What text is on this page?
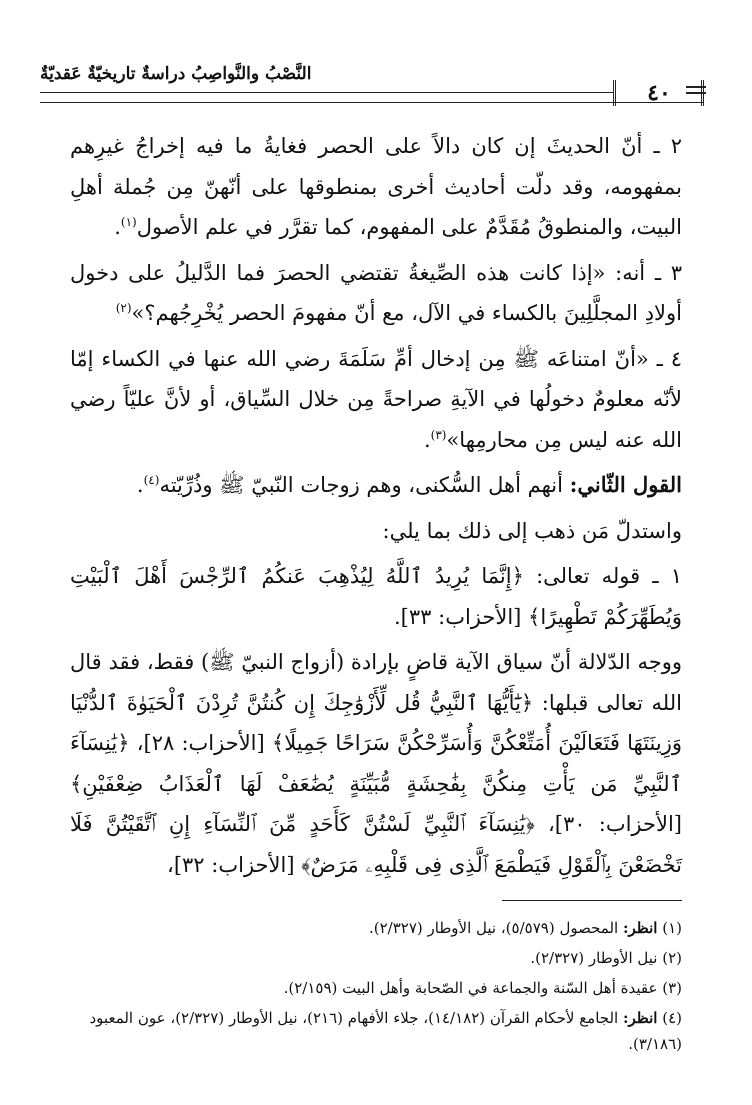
٤٠
النَّصْبُ والنَّواصِبُ دراسةٌ تاريخيّةٌ عَقديّةٌ

٢ ـ أنّ الحديثَ إن كان دالاً على الحصر فغايةُ ما فيه إخراجُ غيرِهم بمفهومه، وقد دلّت أحاديث أخرى بمنطوقها على أنّهنّ مِن جُملة أهلِ البيت، والمنطوقُ مُقَدَّمٌ على المفهوم، كما تقرَّر في علم الأصول$^{(١)}$.

٣ ـ أنه: «إذا كانت هذه الصِّيغةُ تقتضي الحصرَ فما الدَّليلُ على دخول أولادِ المجلَّلِينَ بالكساء في الآل، مع أنّ مفهومَ الحصر يُخْرِجُهم؟»$^{(٢)}$

٤ ـ «أنّ امتناعَه ﷺ مِن إدخال أمِّ سَلَمَةَ رضي الله عنها في الكساء إمّا لأنّه معلومٌ دخولُها في الآيةِ صراحةً مِن خلال السِّياق، أو لأنَّ عليّاً رضي الله عنه ليس مِن محارمِها»$^{(٣)}$.

القول الثّاني: أنهم أهل السُّكنى، وهم زوجات النّبيّ ﷺ وذُرِّيّته$^{(٤)}$.

واستدلّ مَن ذهب إلى ذلك بما يلي:

١ ـ قوله تعالى: ﴿إِنَّمَا يُرِيدُ ٱللَّهُ لِيُذْهِبَ عَنكُمُ ٱلرِّجْسَ أَهْلَ ٱلْبَيْتِ وَيُطَهِّرَكُمْ تَطْهِيرًا﴾ [الأحزاب: ٣٣].

ووجه الدّلالة أنّ سياق الآية قاضٍ بإرادة (أزواج النبيّ ﷺ) فقط، فقد قال الله تعالى قبلها: ﴿يَٰٓأَيُّهَا ٱلنَّبِيُّ قُل لِّأَزْوَٰجِكَ إِن كُنتُنَّ تُرِدْنَ ٱلْحَيَوٰةَ ٱلدُّنْيَا وَزِينَتَهَا فَتَعَالَيْنَ أُمَتِّعْكُنَّ وَأُسَرِّحْكُنَّ سَرَاحًا جَمِيلًا﴾ [الأحزاب: ٢٨]، ﴿يَٰنِسَآءَ ٱلنَّبِيِّ مَن يَأْتِ مِنكُنَّ بِفَٰحِشَةٍ مُّبَيِّنَةٍ يُضَٰعَفْ لَهَا ٱلْعَذَابُ ضِعْفَيْنِ﴾ [الأحزاب: ٣٠]، ﴿يَٰنِسَآءَ ٱلنَّبِيِّ لَسْتُنَّ كَأَحَدٍ مِّنَ ٱلنِّسَآءِ إِنِ ٱتَّقَيْتُنَّ فَلَا تَخْضَعْنَ بِٱلْقَوْلِ فَيَطْمَعَ ٱلَّذِى فِى قَلْبِهِۦ مَرَضٌ﴾ [الأحزاب: ٣٢]،

(١) انظر: المحصول (٥/٥٧٩)، نيل الأوطار (٢/٣٢٧).
(٢) نيل الأوطار (٢/٣٢٧).
(٣) عقيدة أهل السّنة والجماعة في الصّحابة وأهل البيت (٢/١٥٩).
(٤) انظر: الجامع لأحكام القرآن (١٤/١٨٢)، جلاء الأفهام (٢١٦)، نيل الأوطار (٢/٣٢٧)، عون المعبود (٣/١٨٦).
